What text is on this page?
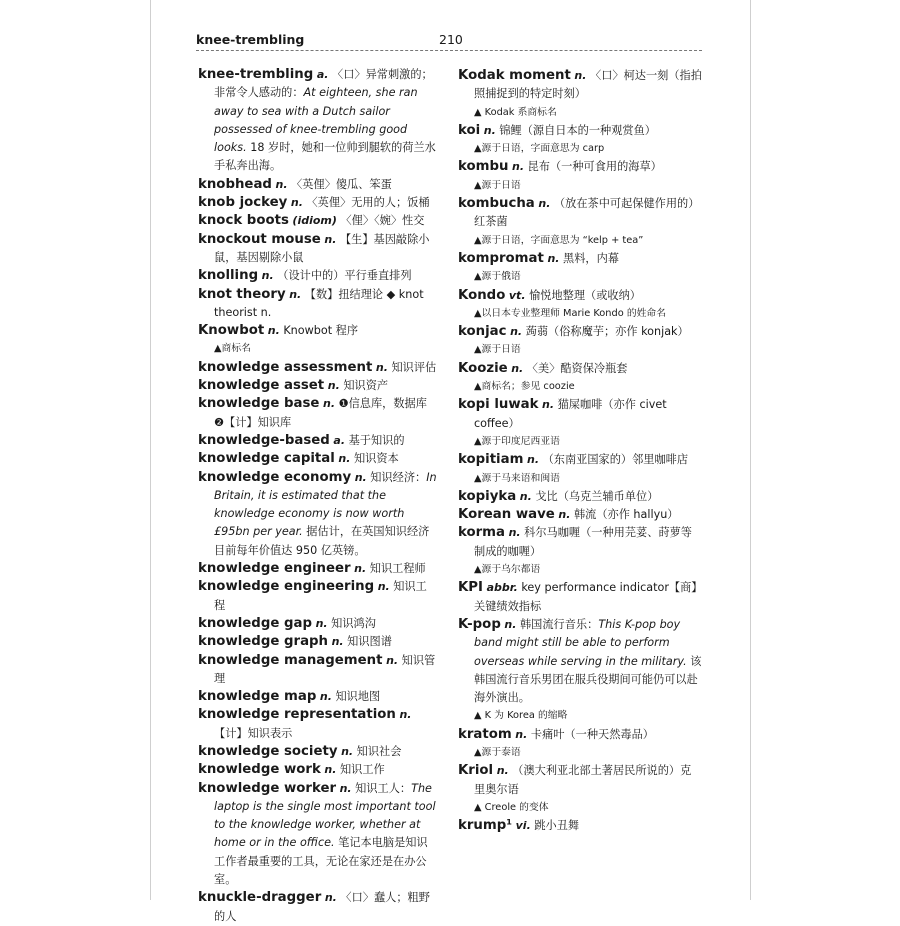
knee-trembling	210
knee-trembling a. 〈口〉异常刺激的；非常令人感动的：At eighteen, she ran away to sea with a Dutch sailor possessed of knee-trembling good looks. 18 岁时，她和一位帅到腿软的荷兰水手私奔出海。
knobhead n. 〈英俚〉傻瓜、笨蛋
knob jockey n. 〈英俚〉无用的人；饭桶
knock boots (idiom) 〈俚〉〈婉〉性交
knockout mouse n. 【生】基因敲除小鼠，基因剔除小鼠
knolling n. （设计中的）平行垂直排列
knot theory n. 【数】扭结理论 ◆ knot theorist n.
Knowbot n. Knowbot 程序
▲商标名
knowledge assessment n. 知识评估
knowledge asset n. 知识资产
knowledge base n. ❶信息库，数据库 ❷【计】知识库
knowledge-based a. 基于知识的
knowledge capital n. 知识资本
knowledge economy n. 知识经济：In Britain, it is estimated that the knowledge economy is now worth £95bn per year. 据估计，在英国知识经济目前每年价值达 950 亿英镑。
knowledge engineer n. 知识工程师
knowledge engineering n. 知识工程
knowledge gap n. 知识鸿沟
knowledge graph n. 知识图谱
knowledge management n. 知识管理
knowledge map n. 知识地图
knowledge representation n. 【计】知识表示
knowledge society n. 知识社会
knowledge work n. 知识工作
knowledge worker n. 知识工人：The laptop is the single most important tool to the knowledge worker, whether at home or in the office. 笔记本电脑是知识工作者最重要的工具，无论在家还是在办公室。
knuckle-dragger n. 〈口〉蠢人；粗野的人
Kodak moment n. 〈口〉柯达一刻（指拍照捕捉到的特定时刻）
▲ Kodak 系商标名
koi n. 锦鲤（源自日本的一种观赏鱼）
▲源于日语，字面意思为 carp
kombu n. 昆布（一种可食用的海草）
▲源于日语
kombucha n. （放在茶中可起保健作用的）红茶菌
▲源于日语，字面意思为 “kelp + tea”
kompromat n. 黑料，内幕
▲源于俄语
Kondo vt. 愉悦地整理（或收纳）
▲以日本专业整理师 Marie Kondo 的姓命名
konjac n. 蒟蒻（俗称魔芋；亦作 konjak）
▲源于日语
Koozie n. 〈美〉酷资保冷瓶套
▲商标名；参见 coozie
kopi luwak n. 猫屎咖啡（亦作 civet coffee）
▲源于印度尼西亚语
kopitiam n. （东南亚国家的）邻里咖啡店
▲源于马来语和闽语
kopiyka n. 戈比（乌克兰辅币单位）
Korean wave n. 韩流（亦作 hallyu）
korma n. 科尔马咖喱（一种用芫荽、莳萝等制成的咖喱）
▲源于乌尔都语
KPI abbr. key performance indicator【商】关键绩效指标
K-pop n. 韩国流行音乐：This K-pop boy band might still be able to perform overseas while serving in the military. 该韩国流行音乐男团在服兵役期间可能仍可以赴海外演出。
▲ K 为 Korea 的缩略
kratom n. 卡痛叶（一种天然毒品）
▲源于泰语
Kriol n. （澳大利亚北部土著居民所说的）克里奥尔语
▲ Creole 的变体
krump¹ vi. 跳小丑舞
